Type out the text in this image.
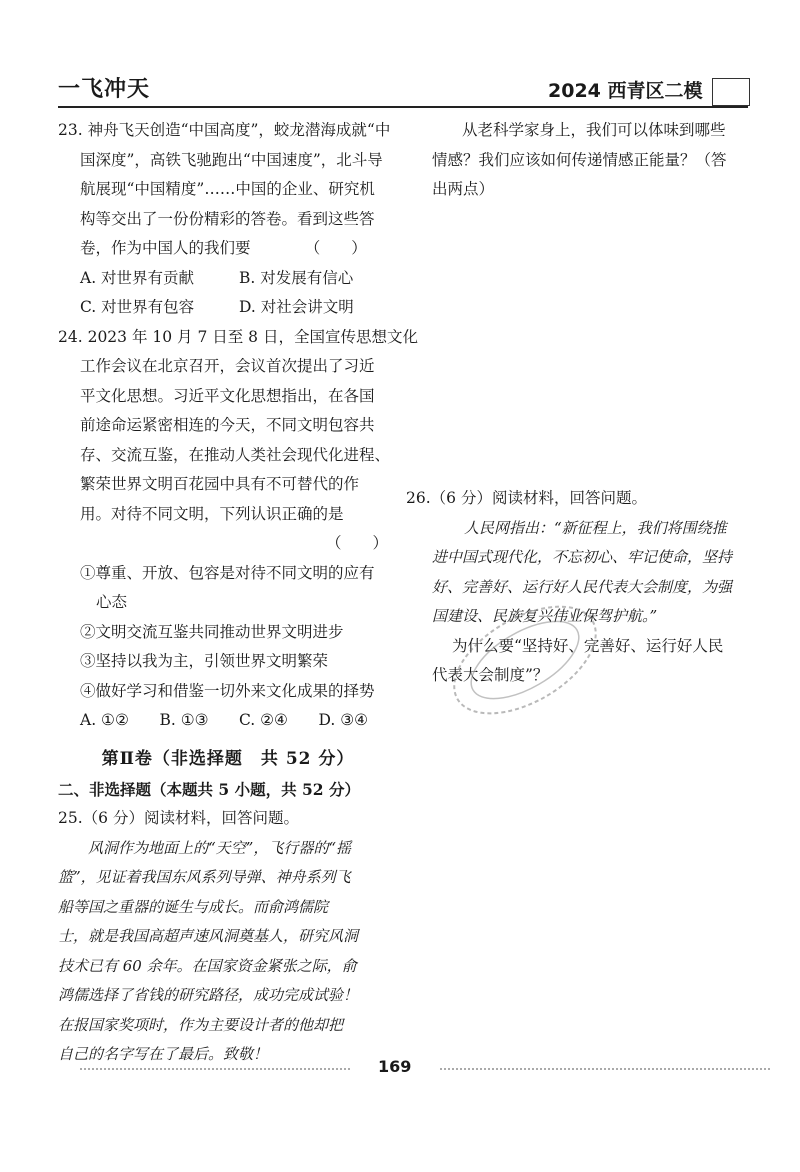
一飞冲天	2024 西青区二模
23. 神舟飞天创造“中国高度”，蛟龙潜海成就“中
国深度”，高铁飞驰跑出“中国速度”，北斗导
航展现“中国精度”……中国的企业、研究机
构等交出了一份份精彩的答卷。看到这些答
卷，作为中国人的我们要　　　　（　　）
A. 对世界有贡献	B. 对发展有信心
C. 对世界有包容	D. 对社会讲文明
24. 2023 年 10 月 7 日至 8 日，全国宣传思想文化
工作会议在北京召开，会议首次提出了习近
平文化思想。习近平文化思想指出，在各国
前途命运紧密相连的今天，不同文明包容共
存、交流互鉴，在推动人类社会现代化进程、
繁荣世界文明百花园中具有不可替代的作
用。对待不同文明，下列认识正确的是
（　　）
①尊重、开放、包容是对待不同文明的应有
心态
②文明交流互鉴共同推动世界文明进步
③坚持以我为主，引领世界文明繁荣
④做好学习和借鉴一切外来文化成果的择势
A. ①②	B. ①③	C. ②④	D. ③④
第Ⅱ卷（非选择题　共 52 分）
二、非选择题（本题共 5 小题，共 52 分）
25.（6 分）阅读材料，回答问题。
风洞作为地面上的“天空”，飞行器的“摇
篮”，见证着我国东风系列导弹、神舟系列飞
船等国之重器的诞生与成长。而俞鸿儒院
士，就是我国高超声速风洞奠基人，研究风洞
技术已有 60 余年。在国家资金紧张之际，俞
鸿儒选择了省钱的研究路径，成功完成试验！
在报国家奖项时，作为主要设计者的他却把
自己的名字写在了最后。致敬！
从老科学家身上，我们可以体味到哪些
情感？我们应该如何传递情感正能量？（答
出两点）
26.（6 分）阅读材料，回答问题。
人民网指出：“新征程上，我们将围绕推
进中国式现代化，不忘初心、牢记使命，坚持
好、完善好、运行好人民代表大会制度，为强
国建设、民族复兴伟业保驾护航。”
为什么要“坚持好、完善好、运行好人民
代表大会制度”？
169
